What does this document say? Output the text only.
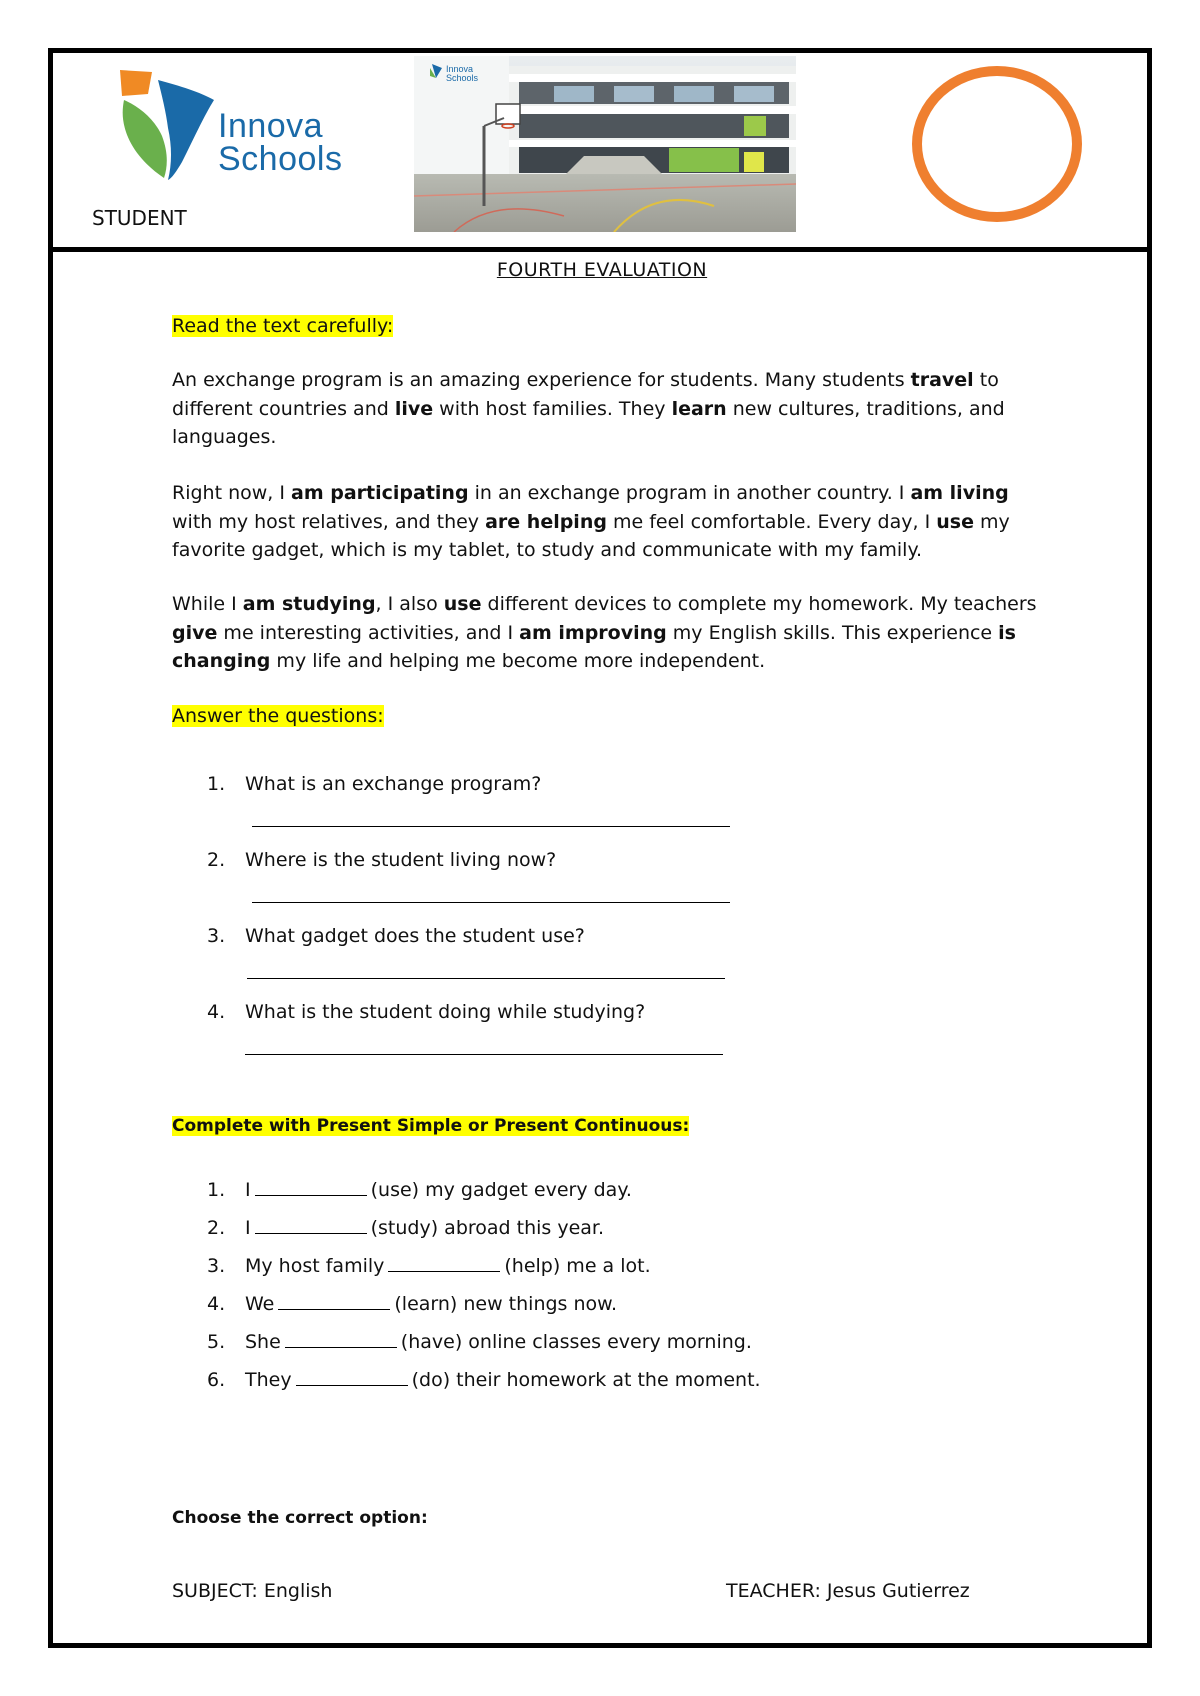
Innova
Schools
STUDENT
Innova
Schools
FOURTH EVALUATION
Read the text carefully:

An exchange program is an amazing experience for students. Many students travel to different countries and live with host families. They learn new cultures, traditions, and languages.

Right now, I am participating in an exchange program in another country. I am living with my host relatives, and they are helping me feel comfortable. Every day, I use my favorite gadget, which is my tablet, to study and communicate with my family.

While I am studying, I also use different devices to complete my homework. My teachers give me interesting activities, and I am improving my English skills. This experience is changing my life and helping me become more independent.

Answer the questions:
1. What is an exchange program?
2. Where is the student living now?
3. What gadget does the student use?
4. What is the student doing while studying?
Complete with Present Simple or Present Continuous:
1. I	(use) my gadget every day.
2. I	(study) abroad this year.
3. My host family	(help) me a lot.
4. We	(learn) new things now.
5. She	(have) online classes every morning.
6. They	(do) their homework at the moment.
Choose the correct option:
SUBJECT: English	TEACHER: Jesus Gutierrez
